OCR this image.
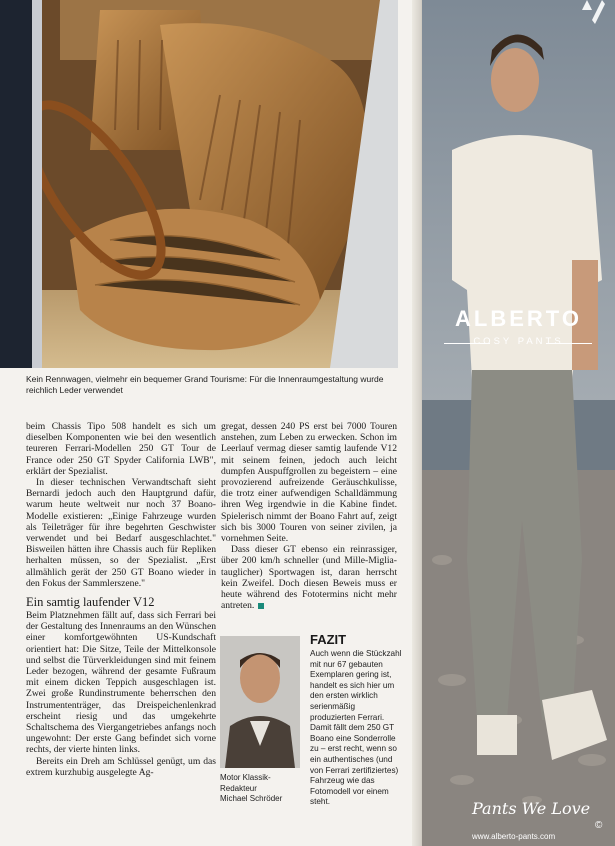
Kein Rennwagen, vielmehr ein bequemer Grand Tourisme: Für die Innenraumgestaltung wurde reichlich Leder verwendet

beim Chassis Tipo 508 handelt es sich um dieselben Komponenten wie bei den wesentlich teureren Ferrari-Modellen 250 GT Tour de France oder 250 GT Spyder California LWB", erklärt der Spezialist.

In dieser technischen Verwandtschaft sieht Bernardi jedoch auch den Hauptgrund dafür, warum heute weltweit nur noch 37 Boano-Modelle existieren: „Einige Fahrzeuge wurden als Teileträger für ihre begehrten Geschwister verwendet und bei Bedarf ausgeschlachtet." Bisweilen hätten ihre Chassis auch für Repliken herhalten müssen, so der Spezialist. „Erst allmählich gerät der 250 GT Boano wieder in den Fokus der Sammlerszene."

Ein samtig laufender V12

Beim Platznehmen fällt auf, dass sich Ferrari bei der Gestaltung des Innenraums an den Wünschen einer komfortgewöhnten US-Kundschaft orientiert hat: Die Sitze, Teile der Mittelkonsole und selbst die Türverkleidungen sind mit feinem Leder bezogen, während der gesamte Fußraum mit einem dicken Teppich ausgeschlagen ist. Zwei große Rundinstrumente beherrschen den Instrumententräger, das Dreispeichenlenkrad erscheint riesig und das umgekehrte Schaltschema des Viergangetriebes anfangs noch ungewohnt: Der erste Gang befindet sich vorne rechts, der vierte hinten links.

Bereits ein Dreh am Schlüssel genügt, um das extrem kurzhubig ausgelegte Ag-

gregat, dessen 240 PS erst bei 7000 Touren anstehen, zum Leben zu erwecken. Schon im Leerlauf vermag dieser samtig laufende V12 mit seinem feinen, jedoch auch leicht dumpfen Auspuffgrollen zu begeistern – eine provozierend aufreizende Geräuschkulisse, die trotz einer aufwendigen Schalldämmung ihren Weg irgendwie in die Kabine findet. Spielerisch nimmt der Boano Fahrt auf, zeigt sich bis 3000 Touren von seiner zivilen, ja vornehmen Seite.

Dass dieser GT ebenso ein reinrassiger, über 200 km/h schneller (und Mille-Miglia-tauglicher) Sportwagen ist, daran herrscht kein Zweifel. Doch diesen Beweis muss er heute während des Fototermins nicht mehr antreten.

Motor Klassik-
Redakteur
Michael Schröder
FAZIT

Auch wenn die Stückzahl mit nur 67 gebauten Exemplaren gering ist, handelt es sich hier um den ersten wirklich serienmäßig produzierten Ferrari. Damit fällt dem 250 GT Boano eine Sonderrolle zu – erst recht, wenn so ein authentisches (und von Ferrari zertifiziertes) Fahrzeug wie das Fotomodell vor einem steht.

ALBERTO
COSY PANTS
Pants We Love
www.alberto-pants.com
©
